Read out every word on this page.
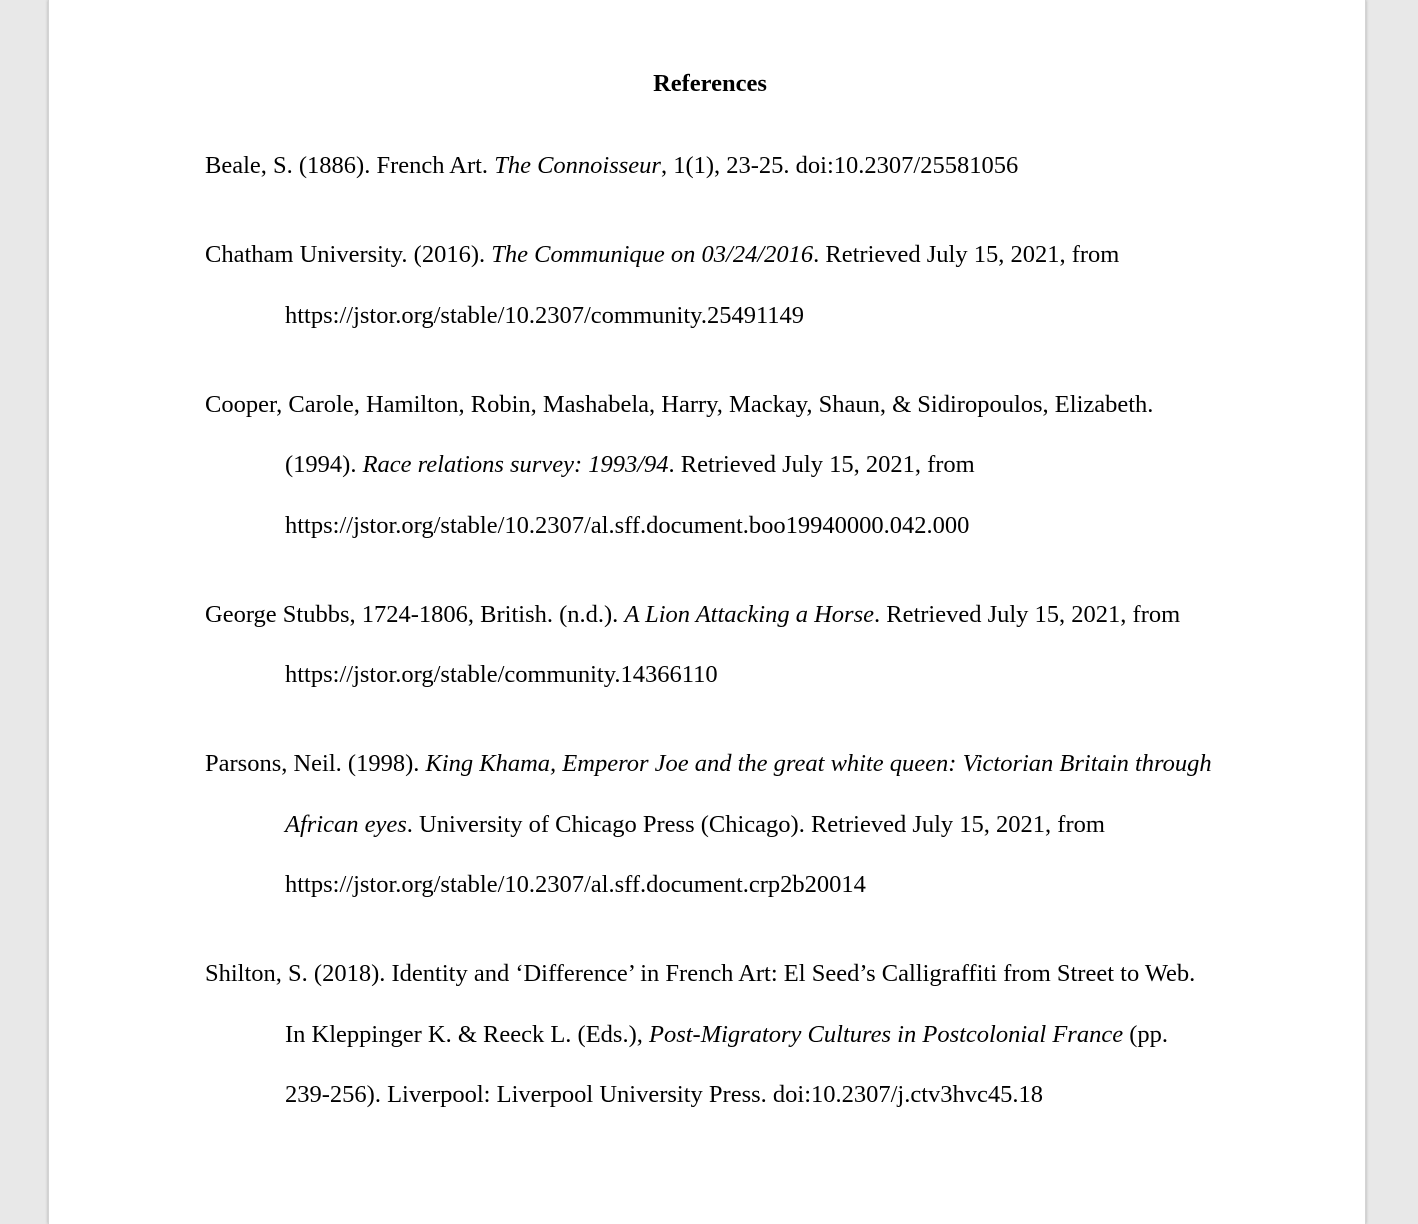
References

Beale, S. (1886). French Art. The Connoisseur, 1(1), 23-25. doi:10.2307/25581056

Chatham University. (2016). The Communique on 03/24/2016. Retrieved July 15, 2021, from https://jstor.org/stable/10.2307/community.25491149

Cooper, Carole, Hamilton, Robin, Mashabela, Harry, Mackay, Shaun, & Sidiropoulos, Elizabeth. (1994). Race relations survey: 1993/94. Retrieved July 15, 2021, from https://jstor.org/stable/10.2307/al.sff.document.boo19940000.042.000

George Stubbs, 1724-1806, British. (n.d.). A Lion Attacking a Horse. Retrieved July 15, 2021, from https://jstor.org/stable/community.14366110

Parsons, Neil. (1998). King Khama, Emperor Joe and the great white queen: Victorian Britain through African eyes. University of Chicago Press (Chicago). Retrieved July 15, 2021, from https://jstor.org/stable/10.2307/al.sff.document.crp2b20014

Shilton, S. (2018). Identity and ‘Difference’ in French Art: El Seed’s Calligraffiti from Street to Web. In Kleppinger K. & Reeck L. (Eds.), Post-Migratory Cultures in Postcolonial France (pp. 239-256). Liverpool: Liverpool University Press. doi:10.2307/j.ctv3hvc45.18
